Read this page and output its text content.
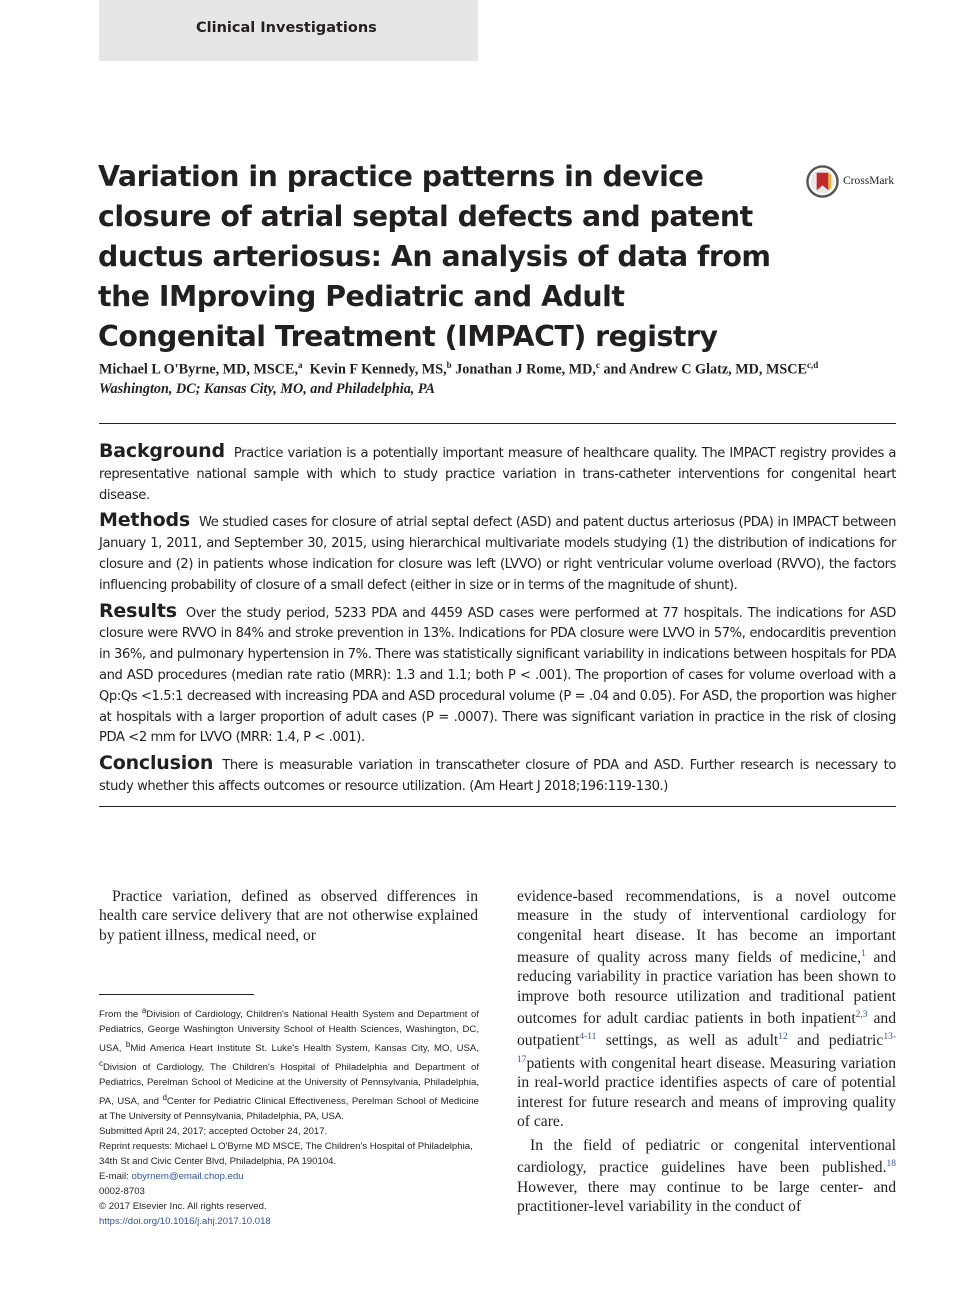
Clinical Investigations
Variation in practice patterns in device closure of atrial septal defects and patent ductus arteriosus: An analysis of data from the IMproving Pediatric and Adult Congenital Treatment (IMPACT) registry
CrossMark

Michael L O'Byrne, MD, MSCE,$^a$ Kevin F Kennedy, MS,$^b$ Jonathan J Rome, MD,$^c$ and Andrew C Glatz, MD, MSCE$^{c,d}$

Washington, DC; Kansas City, MO, and Philadelphia, PA

Background Practice variation is a potentially important measure of healthcare quality. The IMPACT registry provides a representative national sample with which to study practice variation in trans-catheter interventions for congenital heart disease.

Methods We studied cases for closure of atrial septal defect (ASD) and patent ductus arteriosus (PDA) in IMPACT between January 1, 2011, and September 30, 2015, using hierarchical multivariate models studying (1) the distribution of indications for closure and (2) in patients whose indication for closure was left (LVVO) or right ventricular volume overload (RVVO), the factors influencing probability of closure of a small defect (either in size or in terms of the magnitude of shunt).

Results Over the study period, 5233 PDA and 4459 ASD cases were performed at 77 hospitals. The indications for ASD closure were RVVO in 84% and stroke prevention in 13%. Indications for PDA closure were LVVO in 57%, endocarditis prevention in 36%, and pulmonary hypertension in 7%. There was statistically significant variability in indications between hospitals for PDA and ASD procedures (median rate ratio (MRR): 1.3 and 1.1; both P < .001). The proportion of cases for volume overload with a Qp:Qs <1.5:1 decreased with increasing PDA and ASD procedural volume (P = .04 and 0.05). For ASD, the proportion was higher at hospitals with a larger proportion of adult cases (P = .0007). There was significant variation in practice in the risk of closing PDA <2 mm for LVVO (MRR: 1.4, P < .001).

Conclusion There is measurable variation in transcatheter closure of PDA and ASD. Further research is necessary to study whether this affects outcomes or resource utilization. (Am Heart J 2018;196:119-130.)

Practice variation, defined as observed differences in health care service delivery that are not otherwise explained by patient illness, medical need, or

From the $^a$Division of Cardiology, Children's National Health System and Department of Pediatrics, George Washington University School of Health Sciences, Washington, DC, USA, $^b$Mid America Heart Institute St. Luke's Health System, Kansas City, MO, USA, $^c$Division of Cardiology, The Children's Hospital of Philadelphia and Department of Pediatrics, Perelman School of Medicine at the University of Pennsylvania, Philadelphia, PA, USA, and $^d$Center for Pediatric Clinical Effectiveness, Perelman School of Medicine at The University of Pennsylvania, Philadelphia, PA, USA.

Submitted April 24, 2017; accepted October 24, 2017.

Reprint requests: Michael L O'Byrne MD MSCE, The Children's Hospital of Philadelphia, 34th St and Civic Center Blvd, Philadelphia, PA 190104.

E-mail: obyrnem@email.chop.edu

0002-8703

© 2017 Elsevier Inc. All rights reserved.

https://doi.org/10.1016/j.ahj.2017.10.018

evidence-based recommendations, is a novel outcome measure in the study of interventional cardiology for congenital heart disease. It has become an important measure of quality across many fields of medicine,$^1$ and reducing variability in practice variation has been shown to improve both resource utilization and traditional patient outcomes for adult cardiac patients in both inpatient$^{2,3}$ and outpatient$^{4-11}$ settings, as well as adult$^{12}$ and pediatric$^{13-17}$patients with congenital heart disease. Measuring variation in real-world practice identifies aspects of care of potential interest for future research and means of improving quality of care.

In the field of pediatric or congenital interventional cardiology, practice guidelines have been published.$^{18}$ However, there may continue to be large center- and practitioner-level variability in the conduct of
